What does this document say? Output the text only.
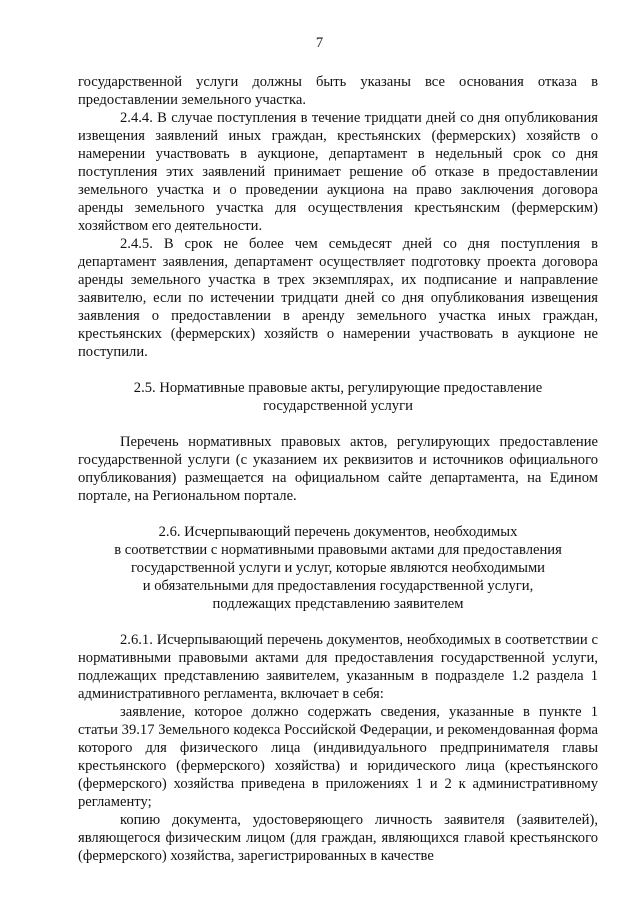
7

государственной услуги должны быть указаны все основания отказа в предоставлении земельного участка.

2.4.4. В случае поступления в течение тридцати дней со дня опубликования извещения заявлений иных граждан, крестьянских (фермерских) хозяйств о намерении участвовать в аукционе, департамент в недельный срок со дня поступления этих заявлений принимает решение об отказе в предоставлении земельного участка и о проведении аукциона на право заключения договора аренды земельного участка для осуществления крестьянским (фермерским) хозяйством его деятельности.

2.4.5. В срок не более чем семьдесят дней со дня поступления в департамент заявления, департамент осуществляет подготовку проекта договора аренды земельного участка в трех экземплярах, их подписание и направление заявителю, если по истечении тридцати дней со дня опубликования извещения заявления о предоставлении в аренду земельного участка иных граждан, крестьянских (фермерских) хозяйств о намерении участвовать в аукционе не поступили.

2.5. Нормативные правовые акты, регулирующие предоставление
государственной услуги

Перечень нормативных правовых актов, регулирующих предоставление государственной услуги (с указанием их реквизитов и источников официального опубликования) размещается на официальном сайте департамента, на Едином портале, на Региональном портале.

2.6. Исчерпывающий перечень документов, необходимых
в соответствии с нормативными правовыми актами для предоставления
государственной услуги и услуг, которые являются необходимыми
и обязательными для предоставления государственной услуги,
подлежащих представлению заявителем

2.6.1. Исчерпывающий перечень документов, необходимых в соответствии с нормативными правовыми актами для предоставления государственной услуги, подлежащих представлению заявителем, указанным в подразделе 1.2 раздела 1 административного регламента, включает в себя:

заявление, которое должно содержать сведения, указанные в пункте 1 статьи 39.17 Земельного кодекса Российской Федерации, и рекомендованная форма которого для физического лица (индивидуального предпринимателя главы крестьянского (фермерского) хозяйства) и юридического лица (крестьянского (фермерского) хозяйства приведена в приложениях 1 и 2 к административному регламенту;

копию документа, удостоверяющего личность заявителя (заявителей), являющегося физическим лицом (для граждан, являющихся главой крестьянского (фермерского) хозяйства, зарегистрированных в качестве
